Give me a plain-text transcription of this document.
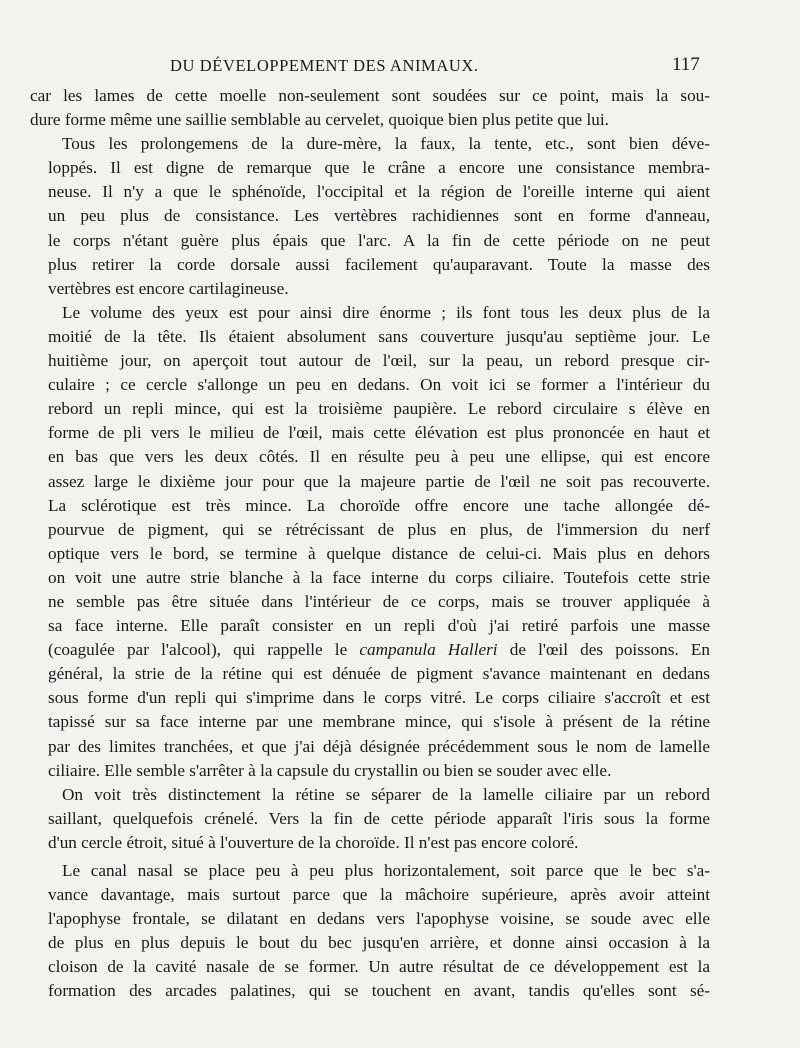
DU DÉVELOPPEMENT DES ANIMAUX.	117

car les lames de cette moelle non-seulement sont soudées sur ce point, mais la sou-
dure forme même une saillie semblable au cervelet, quoique bien plus petite que lui.

Tous les prolongemens de la dure-mère, la faux, la tente, etc., sont bien déve-
loppés. Il est digne de remarque que le crâne a encore une consistance membra-
neuse. Il n'y a que le sphénoïde, l'occipital et la région de l'oreille interne qui aient
un peu plus de consistance. Les vertèbres rachidiennes sont en forme d'anneau,
le corps n'étant guère plus épais que l'arc. A la fin de cette période on ne peut
plus retirer la corde dorsale aussi facilement qu'auparavant. Toute la masse des
vertèbres est encore cartilagineuse.

Le volume des yeux est pour ainsi dire énorme ; ils font tous les deux plus de la
moitié de la tête. Ils étaient absolument sans couverture jusqu'au septième jour. Le
huitième jour, on aperçoit tout autour de l'œil, sur la peau, un rebord presque cir-
culaire ; ce cercle s'allonge un peu en dedans. On voit ici se former a l'intérieur du
rebord un repli mince, qui est la troisième paupière. Le rebord circulaire s élève en
forme de pli vers le milieu de l'œil, mais cette élévation est plus prononcée en haut et
en bas que vers les deux côtés. Il en résulte peu à peu une ellipse, qui est encore
assez large le dixième jour pour que la majeure partie de l'œil ne soit pas recouverte.
La sclérotique est très mince. La choroïde offre encore une tache allongée dé-
pourvue de pigment, qui se rétrécissant de plus en plus, de l'immersion du nerf
optique vers le bord, se termine à quelque distance de celui-ci. Mais plus en dehors
on voit une autre strie blanche à la face interne du corps ciliaire. Toutefois cette strie
ne semble pas être située dans l'intérieur de ce corps, mais se trouver appliquée à
sa face interne. Elle paraît consister en un repli d'où j'ai retiré parfois une masse
(coagulée par l'alcool), qui rappelle le campanula Halleri de l'œil des poissons. En
général, la strie de la rétine qui est dénuée de pigment s'avance maintenant en dedans
sous forme d'un repli qui s'imprime dans le corps vitré. Le corps ciliaire s'accroît et est
tapissé sur sa face interne par une membrane mince, qui s'isole à présent de la rétine
par des limites tranchées, et que j'ai déjà désignée précédemment sous le nom de lamelle
ciliaire. Elle semble s'arrêter à la capsule du crystallin ou bien se souder avec elle.

On voit très distinctement la rétine se séparer de la lamelle ciliaire par un rebord
saillant, quelquefois crénelé. Vers la fin de cette période apparaît l'iris sous la forme
d'un cercle étroit, situé à l'ouverture de la choroïde. Il n'est pas encore coloré.

Le canal nasal se place peu à peu plus horizontalement, soit parce que le bec s'a-
vance davantage, mais surtout parce que la mâchoire supérieure, après avoir atteint
l'apophyse frontale, se dilatant en dedans vers l'apophyse voisine, se soude avec elle
de plus en plus depuis le bout du bec jusqu'en arrière, et donne ainsi occasion à la
cloison de la cavité nasale de se former. Un autre résultat de ce développement est la
formation des arcades palatines, qui se touchent en avant, tandis qu'elles sont sé-
